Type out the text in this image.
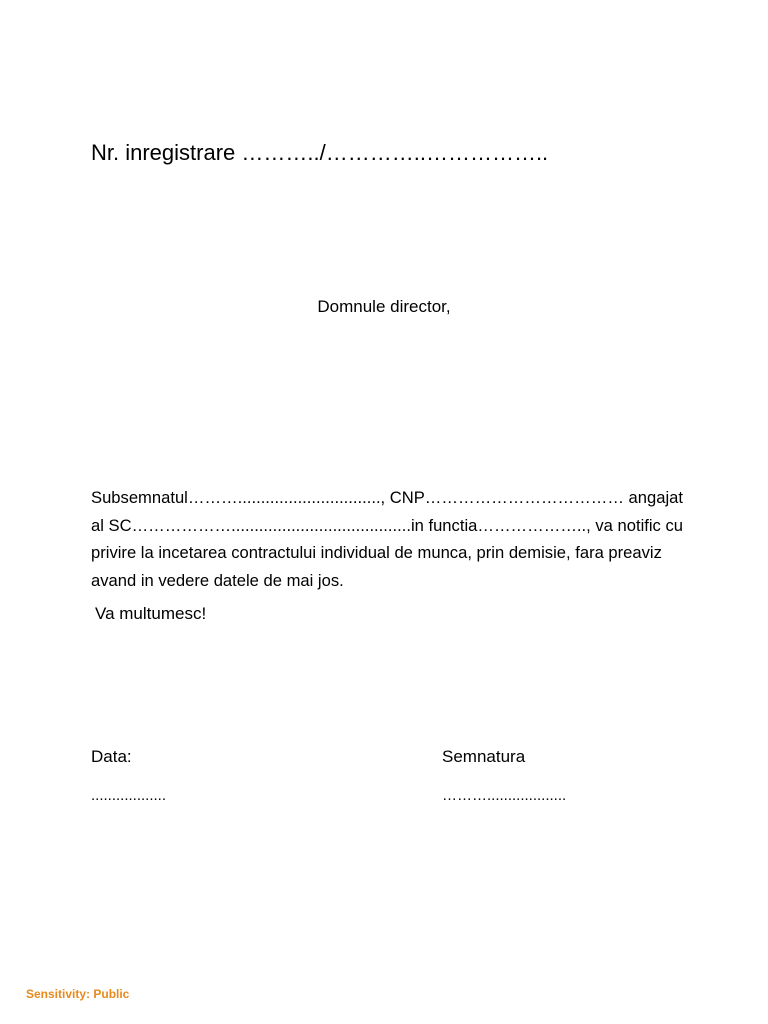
Nr. inregistrare ………../…………..……………..
Domnule director,

Subsemnatul………..............................., CNP……………………………… angajat al SC……………….......................................in functia……………….., va notific cu privire la incetarea contractului individual de munca, prin demisie, fara preaviz avand in vedere datele de mai jos.

Va multumesc!
Data:
..................
Semnatura
………...................
Sensitivity: Public
